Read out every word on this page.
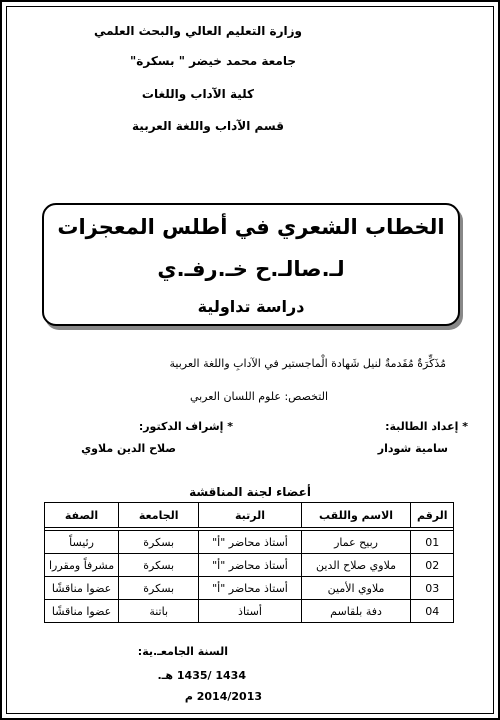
وزارة التعليم العالي والبحث العلمي
جامعة محمد خيضر " بسكرة"
كلية الآداب واللغات
قسم الآداب واللغة العربية
الخطاب الشعري في أطلس المعجزات
لـ.صالـ.ح خـ.رفـ.ي
دراسة تداولية
مُذَكِّرَةٌ مُقَدمةٌ لنيل شَهادة الْماجستير في الآدابِ واللغة العربية
التخصص: علوم اللسان العربي
* إعداد الطالبة:
* إشراف الدكتور:
سامية شودار
صلاح الدين ملاوي
أعضاء لجنة المناقشة
الرقم	الاسم واللقب	الرتبة	الجامعة	الصفة

01	ربيح عمار	أستاذ محاضر "أ"	بسكرة	رئيساً
02	ملاوي صلاح الدين	أستاذ محاضر "أ"	بسكرة	مشرفاً ومقررا
03	ملاوي الأمين	أستاذ محاضر "أ"	بسكرة	عضوا مناقشًا
04	دفة بلقاسم	أستاذ	باتنة	عضوا مناقشًا
السنة الجامعـ.ية:
1434 /1435 هـ.
2014/2013 م
